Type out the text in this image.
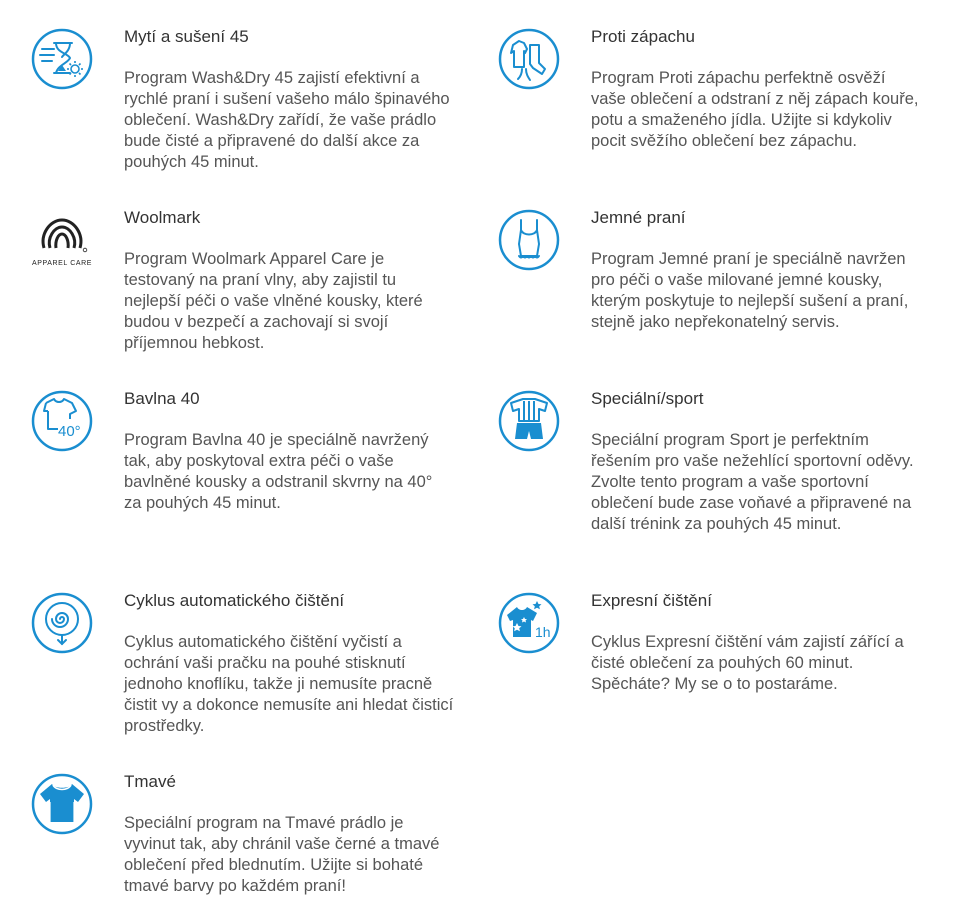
Mytí a sušení 45
Program Wash&Dry 45 zajistí efektivní a rychlé praní i sušení vašeho málo špinavého oblečení. Wash&Dry zařídí, že vaše prádlo bude čisté a připravené do další akce za pouhých 45 minut.
Proti zápachu
Program Proti zápachu perfektně osvěží vaše oblečení a odstraní z něj zápach kouře, potu a smaženého jídla. Užijte si kdykoliv pocit svěžího oblečení bez zápachu.
APPAREL CARE
Woolmark
Program Woolmark Apparel Care je testovaný na praní vlny, aby zajistil tu nejlepší péči o vaše vlněné kousky, které budou v bezpečí a zachovají si svojí příjemnou hebkost.
Jemné praní
Program Jemné praní je speciálně navržen pro péči o vaše milované jemné kousky, kterým poskytuje to nejlepší sušení a praní, stejně jako nepřekonatelný servis.
40°
Bavlna 40
Program Bavlna 40 je speciálně navržený tak, aby poskytoval extra péči o vaše bavlněné kousky a odstranil skvrny na 40° za pouhých 45 minut.
Speciální/sport
Speciální program Sport je perfektním řešením pro vaše nežehlící sportovní oděvy. Zvolte tento program a vaše sportovní oblečení bude zase voňavé a připravené na další trénink za pouhých 45 minut.
Cyklus automatického čištění
Cyklus automatického čištění vyčistí a ochrání vaši pračku na pouhé stisknutí jednoho knoflíku, takže ji nemusíte pracně čistit vy a dokonce nemusíte ani hledat čisticí prostředky.
1h
Expresní čištění
Cyklus Expresní čištění vám zajistí zářící a čisté oblečení za pouhých 60 minut. Spěcháte? My se o to postaráme.
Tmavé
Speciální program na Tmavé prádlo je vyvinut tak, aby chránil vaše černé a tmavé oblečení před blednutím. Užijte si bohaté tmavé barvy po každém praní!
